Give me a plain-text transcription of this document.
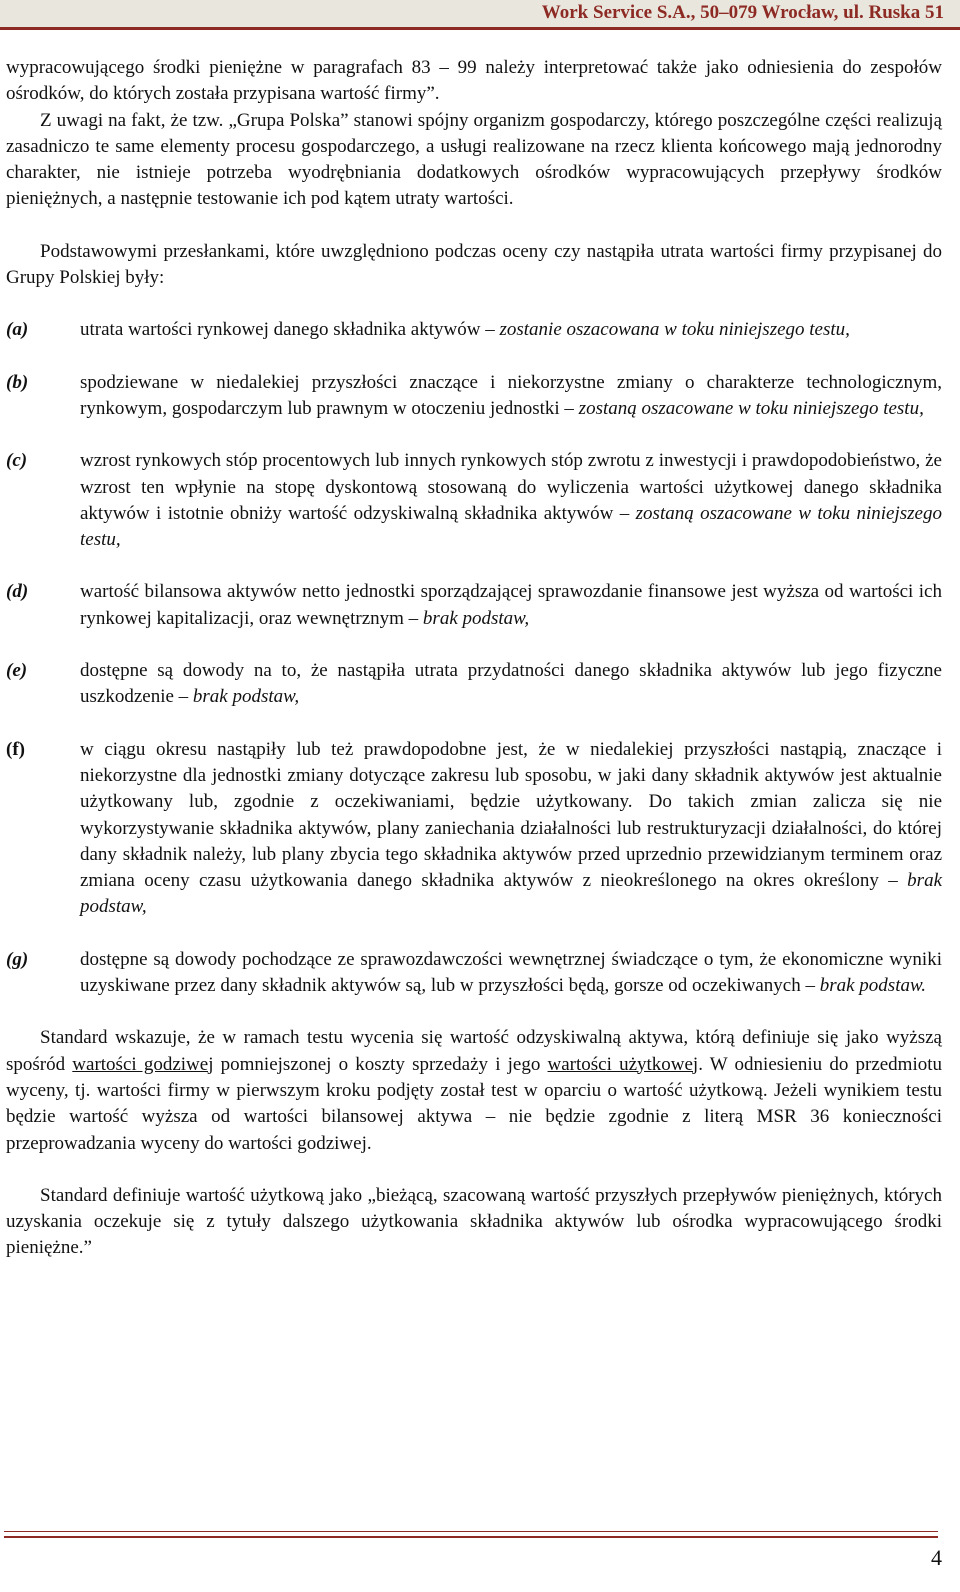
Work Service S.A., 50–079 Wrocław, ul. Ruska 51

wypracowującego środki pieniężne w paragrafach 83 – 99 należy interpretować także jako odniesienia do zespołów ośrodków, do których została przypisana wartość firmy”.

Z uwagi na fakt, że tzw. „Grupa Polska” stanowi spójny organizm gospodarczy, którego poszczególne części realizują zasadniczo te same elementy procesu gospodarczego, a usługi realizowane na rzecz klienta końcowego mają jednorodny charakter, nie istnieje potrzeba wyodrębniania dodatkowych ośrodków wypracowujących przepływy środków pieniężnych, a następnie testowanie ich pod kątem utraty wartości.

Podstawowymi przesłankami, które uwzględniono podczas oceny czy nastąpiła utrata wartości firmy przypisanej do Grupy Polskiej były:

(a)	utrata wartości rynkowej danego składnika aktywów – zostanie oszacowana w toku niniejszego testu,
(b)	spodziewane w niedalekiej przyszłości znaczące i niekorzystne zmiany o charakterze technologicznym, rynkowym, gospodarczym lub prawnym w otoczeniu jednostki – zostaną oszacowane w toku niniejszego testu,
(c)	wzrost rynkowych stóp procentowych lub innych rynkowych stóp zwrotu z inwestycji i prawdopodobieństwo, że wzrost ten wpłynie na stopę dyskontową stosowaną do wyliczenia wartości użytkowej danego składnika aktywów i istotnie obniży wartość odzyskiwalną składnika aktywów – zostaną oszacowane w toku niniejszego testu,
(d)	wartość bilansowa aktywów netto jednostki sporządzającej sprawozdanie finansowe jest wyższa od wartości ich rynkowej kapitalizacji, oraz wewnętrznym – brak podstaw,
(e)	dostępne są dowody na to, że nastąpiła utrata przydatności danego składnika aktywów lub jego fizyczne uszkodzenie – brak podstaw,
(f)	w ciągu okresu nastąpiły lub też prawdopodobne jest, że w niedalekiej przyszłości nastąpią, znaczące i niekorzystne dla jednostki zmiany dotyczące zakresu lub sposobu, w jaki dany składnik aktywów jest aktualnie użytkowany lub, zgodnie z oczekiwaniami, będzie użytkowany. Do takich zmian zalicza się nie wykorzystywanie składnika aktywów, plany zaniechania działalności lub restrukturyzacji działalności, do której dany składnik należy, lub plany zbycia tego składnika aktywów przed uprzednio przewidzianym terminem oraz zmiana oceny czasu użytkowania danego składnika aktywów z nieokreślonego na okres określony – brak podstaw,
(g)	dostępne są dowody pochodzące ze sprawozdawczości wewnętrznej świadczące o tym, że ekonomiczne wyniki uzyskiwane przez dany składnik aktywów są, lub w przyszłości będą, gorsze od oczekiwanych – brak podstaw.

Standard wskazuje, że w ramach testu wycenia się wartość odzyskiwalną aktywa, którą definiuje się jako wyższą spośród wartości godziwej pomniejszonej o koszty sprzedaży i jego wartości użytkowej. W odniesieniu do przedmiotu wyceny, tj. wartości firmy w pierwszym kroku podjęty został test w oparciu o wartość użytkową. Jeżeli wynikiem testu będzie wartość wyższa od wartości bilansowej aktywa – nie będzie zgodnie z literą MSR 36 konieczności przeprowadzania wyceny do wartości godziwej.

Standard definiuje wartość użytkową jako „bieżącą, szacowaną wartość przyszłych przepływów pieniężnych, których uzyskania oczekuje się z tytuły dalszego użytkowania składnika aktywów lub ośrodka wypracowującego środki pieniężne.”

4
